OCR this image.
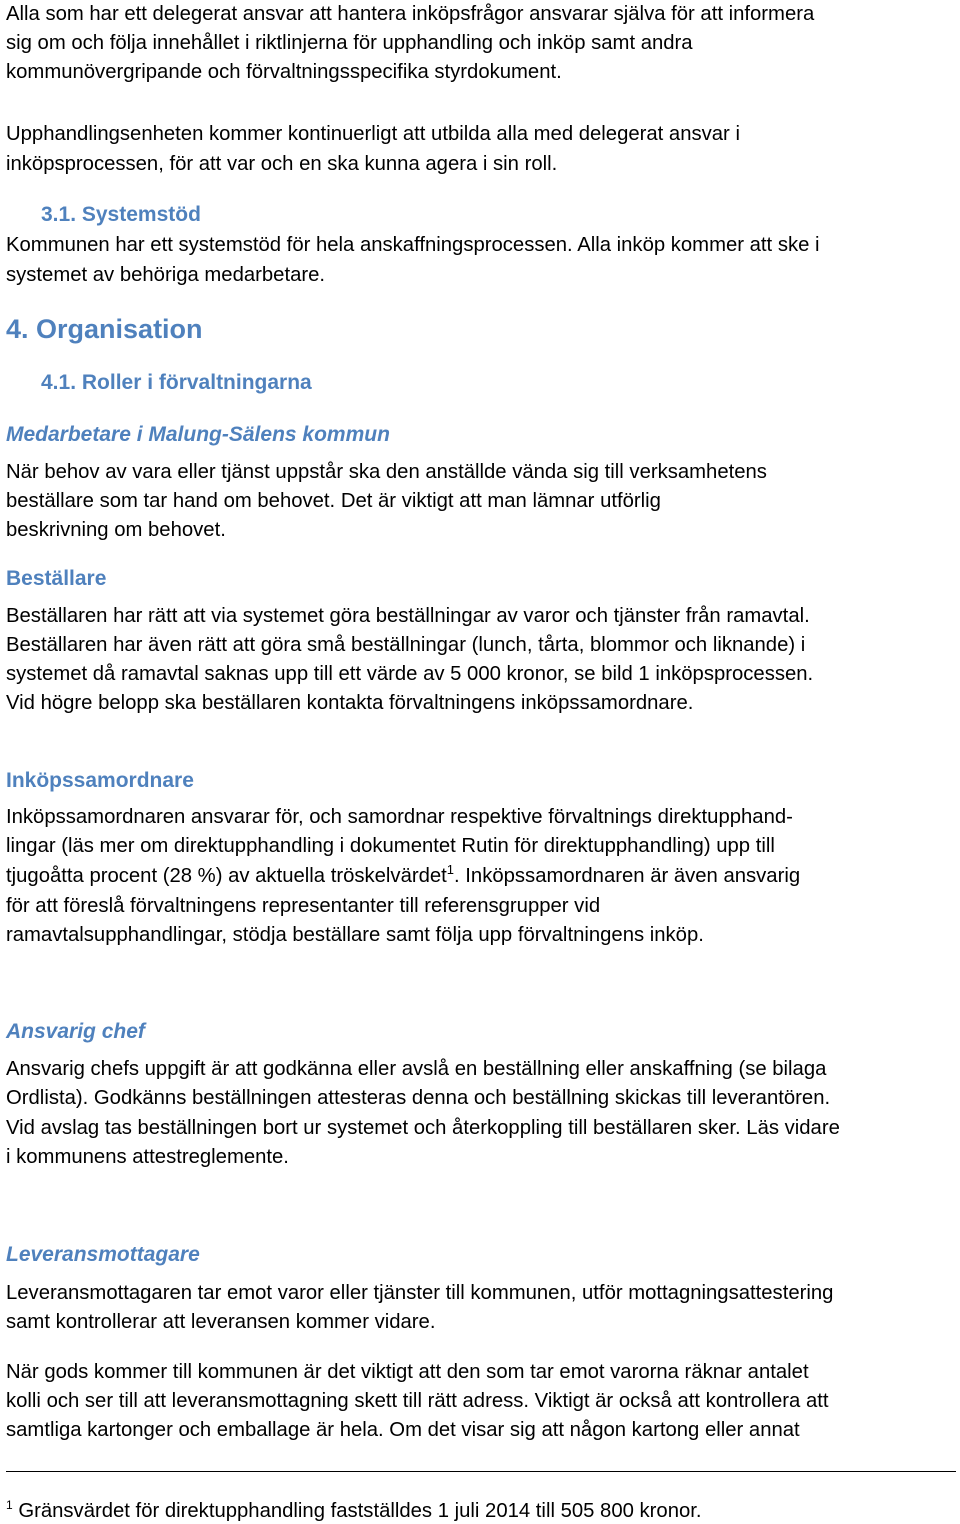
Alla som har ett delegerat ansvar att hantera inköpsfrågor ansvarar själva för att informera

sig om och följa innehållet i riktlinjerna för upphandling och inköp samt andra

kommunövergripande och förvaltningsspecifika styrdokument.

Upphandlingsenheten kommer kontinuerligt att utbilda alla med delegerat ansvar i

inköpsprocessen, för att var och en ska kunna agera i sin roll.

3.1. Systemstöd

Kommunen har ett systemstöd för hela anskaffningsprocessen. Alla inköp kommer att ske i

systemet av behöriga medarbetare.

4. Organisation

4.1. Roller i förvaltningarna

Medarbetare i Malung-Sälens kommun

När behov av vara eller tjänst uppstår ska den anställde vända sig till verksamhetens

beställare som tar hand om behovet. Det är viktigt att man lämnar utförlig

beskrivning om behovet.

Beställare

Beställaren har rätt att via systemet göra beställningar av varor och tjänster från ramavtal.

Beställaren har även rätt att göra små beställningar (lunch, tårta, blommor och liknande) i

systemet då ramavtal saknas upp till ett värde av 5 000 kronor, se bild 1 inköpsprocessen.

Vid högre belopp ska beställaren kontakta förvaltningens inköpssamordnare.

Inköpssamordnare

Inköpssamordnaren ansvarar för, och samordnar respektive förvaltnings direktupphand-

lingar (läs mer om direktupphandling i dokumentet Rutin för direktupphandling) upp till

tjugoåtta procent (28 %) av aktuella tröskelvärdet$^1$. Inköpssamordnaren är även ansvarig

för att föreslå förvaltningens representanter till referensgrupper vid

ramavtalsupphandlingar, stödja beställare samt följa upp förvaltningens inköp.

Ansvarig chef

Ansvarig chefs uppgift är att godkänna eller avslå en beställning eller anskaffning (se bilaga

Ordlista). Godkänns beställningen attesteras denna och beställning skickas till leverantören.

Vid avslag tas beställningen bort ur systemet och återkoppling till beställaren sker. Läs vidare

i kommunens attestreglemente.

Leveransmottagare

Leveransmottagaren tar emot varor eller tjänster till kommunen, utför mottagningsattestering

samt kontrollerar att leveransen kommer vidare.

När gods kommer till kommunen är det viktigt att den som tar emot varorna räknar antalet

kolli och ser till att leveransmottagning skett till rätt adress. Viktigt är också att kontrollera att

samtliga kartonger och emballage är hela. Om det visar sig att någon kartong eller annat

$^1$ Gränsvärdet för direktupphandling fastställdes 1 juli 2014 till 505 800 kronor.
